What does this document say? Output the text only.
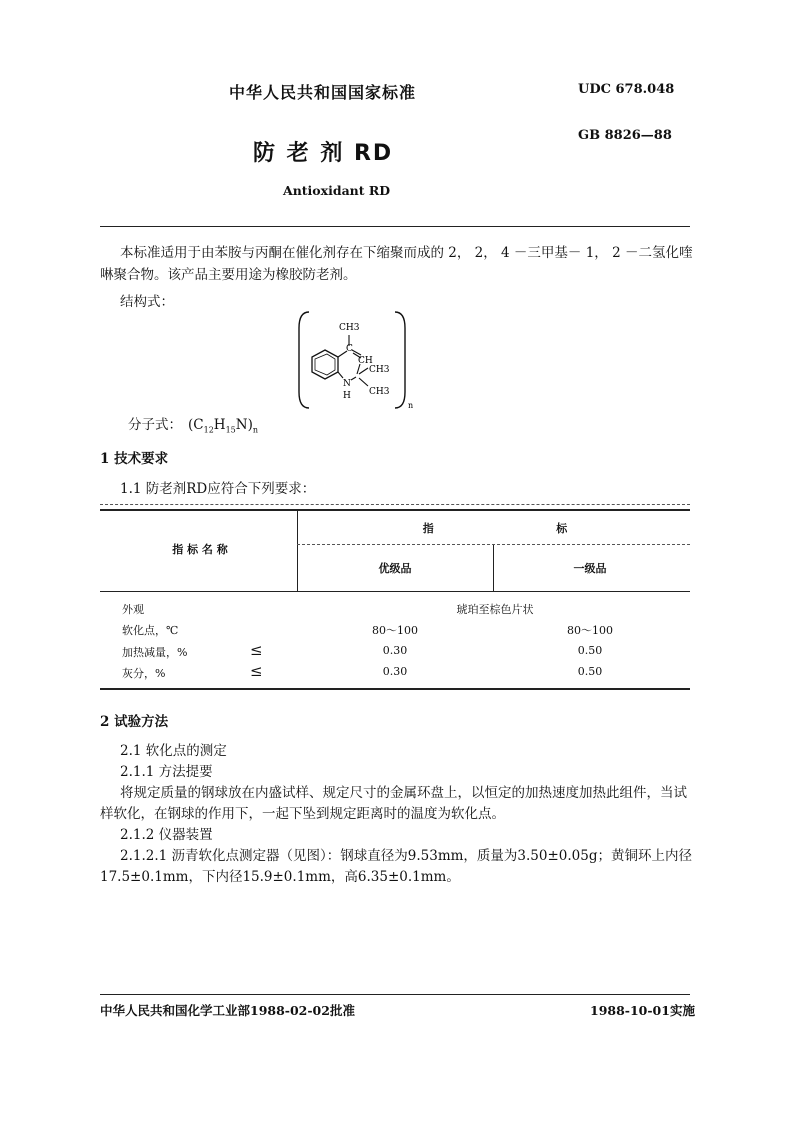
中华人民共和国国家标准	UDC 678.048
GB 8826—88
防 老 剂 RD
Antioxidant RD
本标准适用于由苯胺与丙酮在催化剂存在下缩聚而成的 2， 2， 4 －三甲基－ 1， 2 －二氢化喹
啉聚合物。该产品主要用途为橡胶防老剂。
结构式：
CH3
C
CH
CH3
CH3
N
H
n
分子式： $(C_{12}H_{15}N)_n$
1 技术要求
1.1 防老剂RD应符合下列要求：
指 标 名 称
指                                标
优级品	一级品
外观	琥珀至棕色片状
软化点，℃	80～100	80～100
加热减量，%	≤	0.30	0.50
灰分，%	≤	0.30	0.50
2 试验方法
2.1 软化点的测定
2.1.1 方法提要
将规定质量的钢球放在内盛试样、规定尺寸的金属环盘上，以恒定的加热速度加热此组件，当试
样软化，在钢球的作用下，一起下坠到规定距离时的温度为软化点。
2.1.2 仪器装置
2.1.2.1 沥青软化点测定器（见图）：钢球直径为9.53mm，质量为3.50±0.05g；黄铜环上内径
17.5±0.1mm，下内径15.9±0.1mm，高6.35±0.1mm。
中华人民共和国化学工业部1988-02-02批准	1988-10-01实施
